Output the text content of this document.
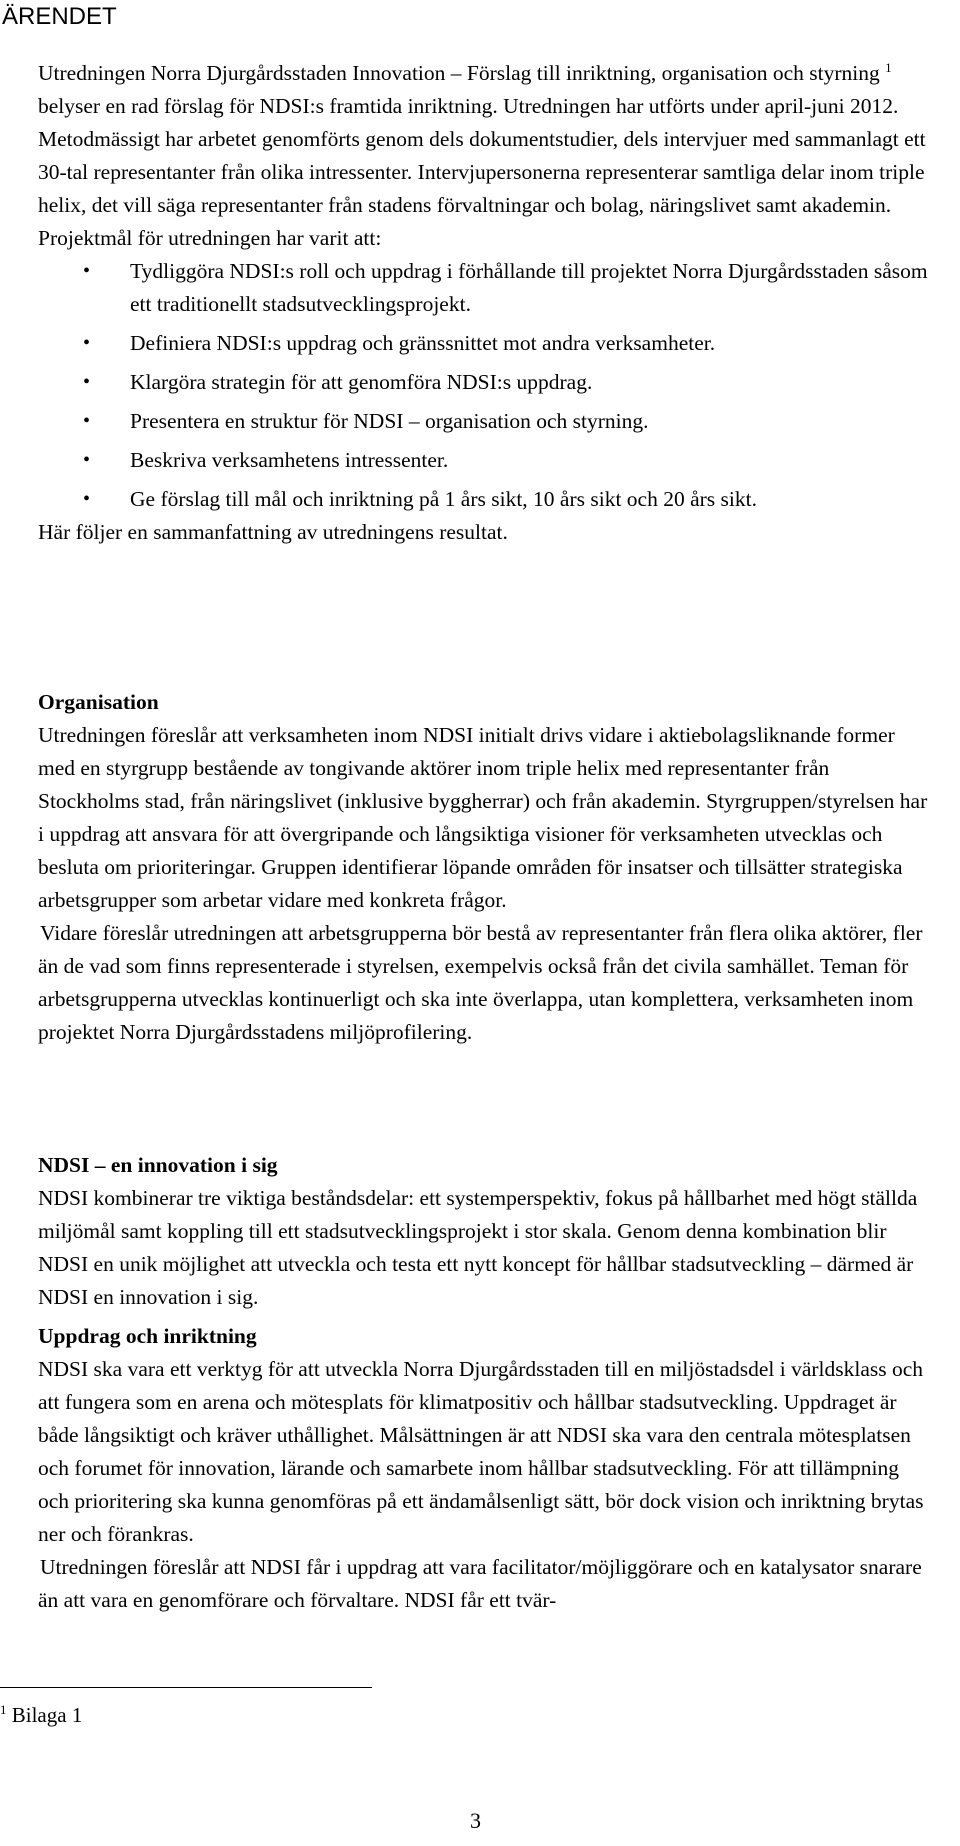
ÄRENDET

Utredningen Norra Djurgårdsstaden Innovation – Förslag till inriktning, organisation och styrning $^1$ belyser en rad förslag för NDSI:s framtida inriktning. Utredningen har utförts under april-juni 2012. Metodmässigt har arbetet genomförts genom dels dokumentstudier, dels intervjuer med sammanlagt ett 30-tal representanter från olika intressenter. Intervjupersonerna representerar samtliga delar inom triple helix, det vill säga representanter från stadens förvaltningar och bolag, näringslivet samt akademin.

Projektmål för utredningen har varit att:

• Tydliggöra NDSI:s roll och uppdrag i förhållande till projektet Norra Djurgårdsstaden såsom ett traditionellt stadsutvecklingsprojekt.
• Definiera NDSI:s uppdrag och gränssnittet mot andra verksamheter.
• Klargöra strategin för att genomföra NDSI:s uppdrag.
• Presentera en struktur för NDSI – organisation och styrning.
• Beskriva verksamhetens intressenter.
• Ge förslag till mål och inriktning på 1 års sikt, 10 års sikt och 20 års sikt.

Här följer en sammanfattning av utredningens resultat.

Organisation

Utredningen föreslår att verksamheten inom NDSI initialt drivs vidare i aktiebolagsliknande former med en styrgrupp bestående av tongivande aktörer inom triple helix med representanter från Stockholms stad, från näringslivet (inklusive byggherrar) och från akademin. Styrgruppen/styrelsen har i uppdrag att ansvara för att övergripande och långsiktiga visioner för verksamheten utvecklas och besluta om prioriteringar. Gruppen identifierar löpande områden för insatser och tillsätter strategiska arbetsgrupper som arbetar vidare med konkreta frågor.

Vidare föreslår utredningen att arbetsgrupperna bör bestå av representanter från flera olika aktörer, fler än de vad som finns representerade i styrelsen, exempelvis också från det civila samhället. Teman för arbetsgrupperna utvecklas kontinuerligt och ska inte överlappa, utan komplettera, verksamheten inom projektet Norra Djurgårdsstadens miljöprofilering.

NDSI – en innovation i sig

NDSI kombinerar tre viktiga beståndsdelar: ett systemperspektiv, fokus på hållbarhet med högt ställda miljömål samt koppling till ett stadsutvecklingsprojekt i stor skala. Genom denna kombination blir NDSI en unik möjlighet att utveckla och testa ett nytt koncept för hållbar stadsutveckling – därmed är NDSI en innovation i sig.

Uppdrag och inriktning

NDSI ska vara ett verktyg för att utveckla Norra Djurgårdsstaden till en miljöstadsdel i världsklass och att fungera som en arena och mötesplats för klimatpositiv och hållbar stadsutveckling. Uppdraget är både långsiktigt och kräver uthållighet. Målsättningen är att NDSI ska vara den centrala mötesplatsen och forumet för innovation, lärande och samarbete inom hållbar stadsutveckling. För att tillämpning och prioritering ska kunna genomföras på ett ändamålsenligt sätt, bör dock vision och inriktning brytas ner och förankras.

Utredningen föreslår att NDSI får i uppdrag att vara facilitator/möjliggörare och en katalysator snarare än att vara en genomförare och förvaltare. NDSI får ett tvär-

$^1$ Bilaga 1
3
